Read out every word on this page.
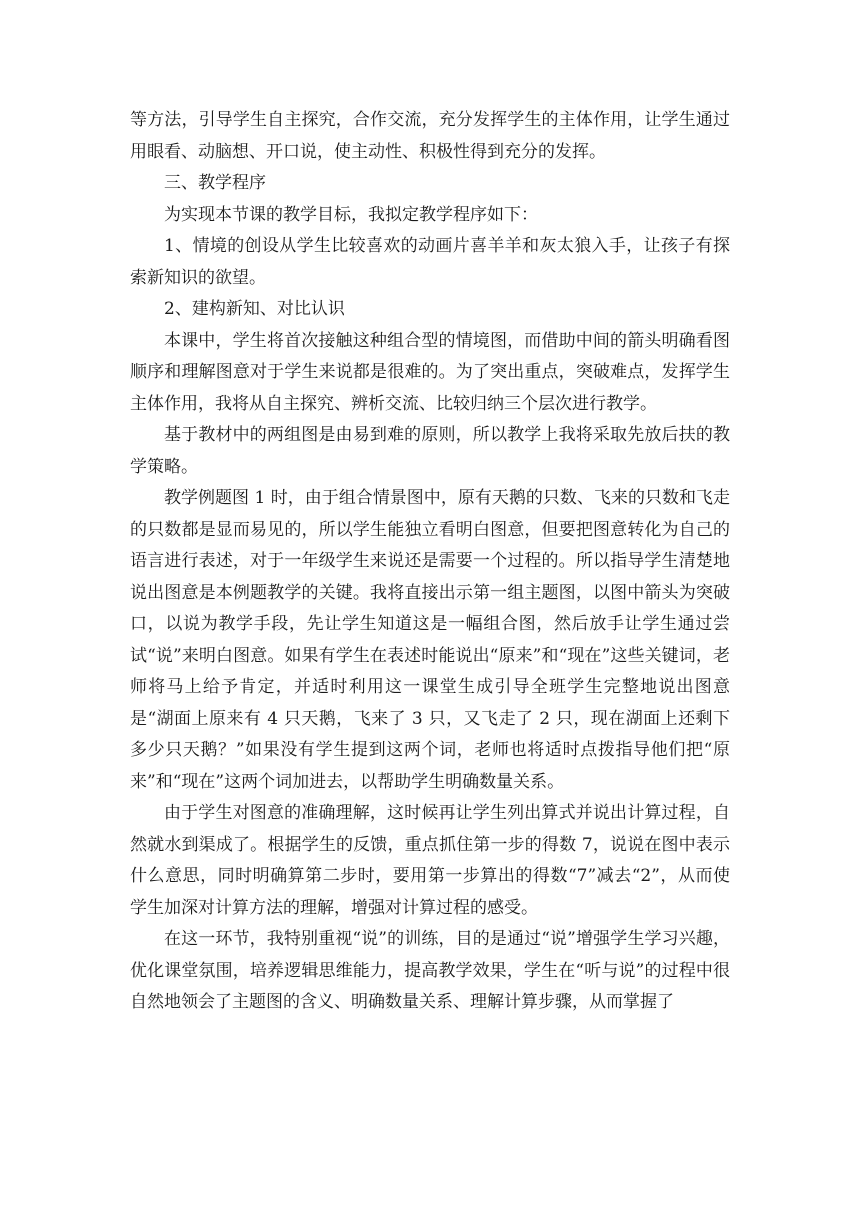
等方法，引导学生自主探究，合作交流，充分发挥学生的主体作用，让学生通过用眼看、动脑想、开口说，使主动性、积极性得到充分的发挥。

三、教学程序

为实现本节课的教学目标，我拟定教学程序如下：

1、情境的创设从学生比较喜欢的动画片喜羊羊和灰太狼入手，让孩子有探索新知识的欲望。

2、建构新知、对比认识

本课中，学生将首次接触这种组合型的情境图，而借助中间的箭头明确看图顺序和理解图意对于学生来说都是很难的。为了突出重点，突破难点，发挥学生主体作用，我将从自主探究、辨析交流、比较归纳三个层次进行教学。

基于教材中的两组图是由易到难的原则，所以教学上我将采取先放后扶的教学策略。

教学例题图 1 时，由于组合情景图中，原有天鹅的只数、飞来的只数和飞走的只数都是显而易见的，所以学生能独立看明白图意，但要把图意转化为自己的语言进行表述，对于一年级学生来说还是需要一个过程的。所以指导学生清楚地说出图意是本例题教学的关键。我将直接出示第一组主题图，以图中箭头为突破口，以说为教学手段，先让学生知道这是一幅组合图，然后放手让学生通过尝试“说”来明白图意。如果有学生在表述时能说出“原来”和“现在”这些关键词，老师将马上给予肯定，并适时利用这一课堂生成引导全班学生完整地说出图意是“湖面上原来有 4 只天鹅，飞来了 3 只，又飞走了 2 只，现在湖面上还剩下多少只天鹅？”如果没有学生提到这两个词，老师也将适时点拨指导他们把“原来”和“现在”这两个词加进去，以帮助学生明确数量关系。

由于学生对图意的准确理解，这时候再让学生列出算式并说出计算过程，自然就水到渠成了。根据学生的反馈，重点抓住第一步的得数 7，说说在图中表示什么意思，同时明确算第二步时，要用第一步算出的得数“7”减去“2”，从而使学生加深对计算方法的理解，增强对计算过程的感受。

在这一环节，我特别重视“说”的训练，目的是通过“说”增强学生学习兴趣，优化课堂氛围，培养逻辑思维能力，提高教学效果，学生在“听与说”的过程中很自然地领会了主题图的含义、明确数量关系、理解计算步骤，从而掌握了
